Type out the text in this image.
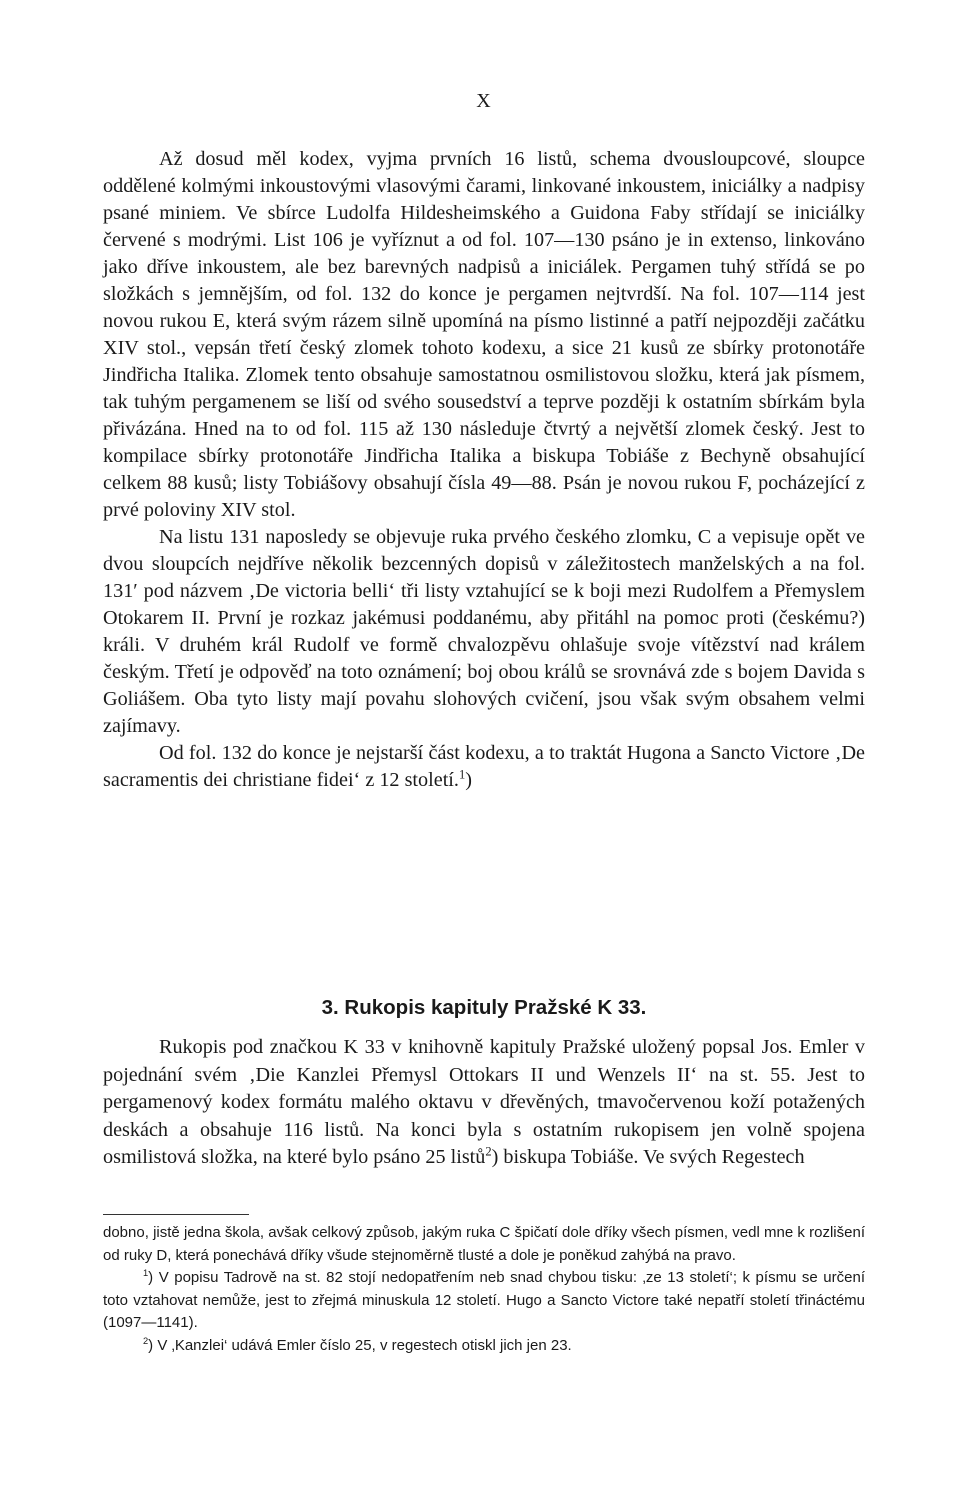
X

Až dosud měl kodex, vyjma prvních 16 listů, schema dvousloupcové, sloupce oddělené kolmými inkoustovými vlasovými čarami, linkované inkoustem, iniciálky a nadpisy psané miniem. Ve sbírce Ludolfa Hildesheimského a Guidona Faby střídají se iniciálky červené s modrými. List 106 je vyříznut a od fol. 107—130 psáno je in extenso, linkováno jako dříve inkoustem, ale bez barevných nadpisů a iniciálek. Pergamen tuhý střídá se po složkách s jemnějším, od fol. 132 do konce je pergamen nejtvrdší. Na fol. 107—114 jest novou rukou E, která svým rázem silně upomíná na písmo listinné a patří nejpozději začátku XIV stol., vepsán třetí český zlomek tohoto kodexu, a sice 21 kusů ze sbírky protonotáře Jindřicha Italika. Zlomek tento obsahuje samostatnou osmilistovou složku, která jak písmem, tak tuhým pergamenem se liší od svého sousedství a teprve později k ostatním sbírkám byla přivázána. Hned na to od fol. 115 až 130 následuje čtvrtý a největší zlomek český. Jest to kompilace sbírky protonotáře Jindřicha Italika a biskupa Tobiáše z Bechyně obsahující celkem 88 kusů; listy Tobiášovy obsahují čísla 49—88. Psán je novou rukou F, pocházející z prvé poloviny XIV stol.

Na listu 131 naposledy se objevuje ruka prvého českého zlomku, C a vepisuje opět ve dvou sloupcích nejdříve několik bezcenných dopisů v záležitostech manželských a na fol. 131′ pod názvem ‚De victoria belli‘ tři listy vztahující se k boji mezi Rudolfem a Přemyslem Otokarem II. První je rozkaz jakémusi poddanému, aby přitáhl na pomoc proti (českému?) králi. V druhém král Rudolf ve formě chvalozpěvu ohlašuje svoje vítězství nad králem českým. Třetí je odpověď na toto oznámení; boj obou králů se srovnává zde s bojem Davida s Goliášem. Oba tyto listy mají povahu slohových cvičení, jsou však svým obsahem velmi zajímavy.

Od fol. 132 do konce je nejstarší část kodexu, a to traktát Hugona a Sancto Victore ‚De sacramentis dei christiane fidei‘ z 12 století.$^1$)

3. Rukopis kapituly Pražské K 33.

Rukopis pod značkou K 33 v knihovně kapituly Pražské uložený popsal Jos. Emler v pojednání svém ‚Die Kanzlei Přemysl Ottokars II und Wenzels II‘ na st. 55. Jest to pergamenový kodex formátu malého oktavu v dřevěných, tmavočervenou koží potažených deskách a obsahuje 116 listů. Na konci byla s ostatním rukopisem jen volně spojena osmilistová složka, na které bylo psáno 25 listů$^2$) biskupa Tobiáše. Ve svých Regestech

dobno, jistě jedna škola, avšak celkový způsob, jakým ruka C špičatí dole dříky všech písmen, vedl mne k rozlišení od ruky D, která ponechává dříky všude stejnoměrně tlusté a dole je poněkud zahýbá na pravo.

$^1$) V popisu Tadrově na st. 82 stojí nedopatřením neb snad chybou tisku: ‚ze 13 století‘; k písmu se určení toto vztahovat nemůže, jest to zřejmá minuskula 12 století. Hugo a Sancto Victore také nepatří století třináctému (1097—1141).

$^2$) V ‚Kanzlei‘ udává Emler číslo 25, v regestech otiskl jich jen 23.
